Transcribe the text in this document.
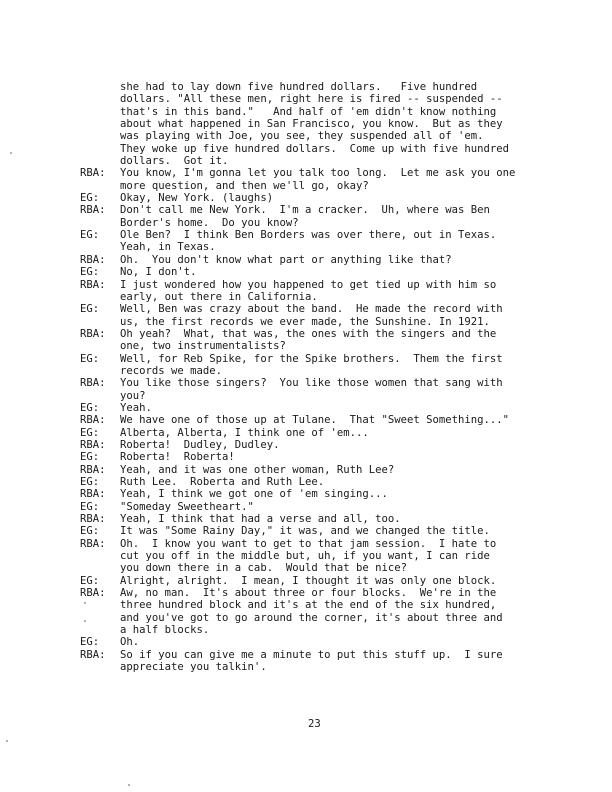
she had to lay down five hundred dollars.   Five hundred
dollars. "All these men, right here is fired -- suspended --
that's in this band."   And half of 'em didn't know nothing
about what happened in San Francisco, you know.  But as they
was playing with Joe, you see, they suspended all of 'em.
They woke up five hundred dollars.  Come up with five hundred
dollars.  Got it.
RBA: You know, I'm gonna let you talk too long.  Let me ask you one
more question, and then we'll go, okay?
EG: Okay, New York. (laughs)
RBA: Don't call me New York.  I'm a cracker.  Uh, where was Ben
Border's home.  Do you know?
EG: Ole Ben?  I think Ben Borders was over there, out in Texas.
Yeah, in Texas.
RBA: Oh.  You don't know what part or anything like that?
EG: No, I don't.
RBA: I just wondered how you happened to get tied up with him so
early, out there in California.
EG: Well, Ben was crazy about the band.  He made the record with
us, the first records we ever made, the Sunshine. In 1921.
RBA: Oh yeah?  What, that was, the ones with the singers and the
one, two instrumentalists?
EG: Well, for Reb Spike, for the Spike brothers.  Them the first
records we made.
RBA: You like those singers?  You like those women that sang with
you?
EG: Yeah.
RBA: We have one of those up at Tulane.  That "Sweet Something..."
EG: Alberta, Alberta, I think one of 'em...
RBA: Roberta!  Dudley, Dudley.
EG: Roberta!  Roberta!
RBA: Yeah, and it was one other woman, Ruth Lee?
EG: Ruth Lee.  Roberta and Ruth Lee.
RBA: Yeah, I think we got one of 'em singing...
EG: "Someday Sweetheart."
RBA: Yeah, I think that had a verse and all, too.
EG: It was "Some Rainy Day," it was, and we changed the title.
RBA: Oh.  I know you want to get to that jam session.  I hate to
cut you off in the middle but, uh, if you want, I can ride
you down there in a cab.  Would that be nice?
EG: Alright, alright.  I mean, I thought it was only one block.
RBA: Aw, no man.  It's about three or four blocks.  We're in the
three hundred block and it's at the end of the six hundred,
and you've got to go around the corner, it's about three and
a half blocks.
EG: Oh.
RBA: So if you can give me a minute to put this stuff up.  I sure
appreciate you talkin'.
23
